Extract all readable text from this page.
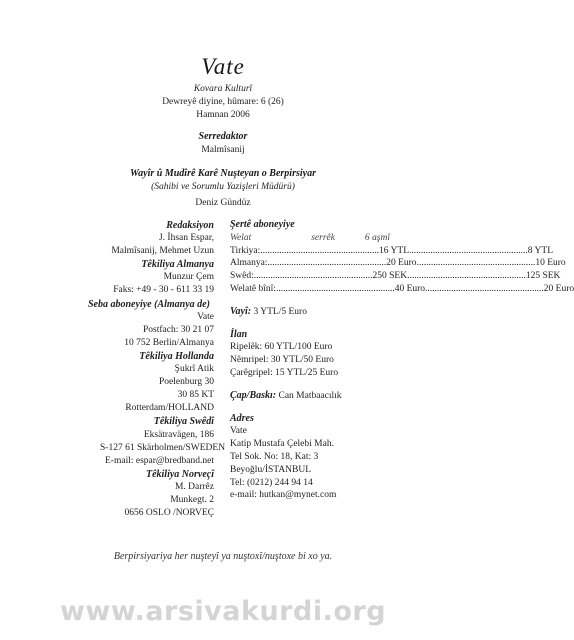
Vate
Kovara Kulturî
Dewreyê diyine, hûmare: 6 (26)
Hamnan 2006
Serredaktor
Malmîsanij
Wayîr û Mudîrê Karê Nuşteyan o Berpirsiyar
(Sahibi ve Sorumlu Yazişleri Müdürü)
Deniz Gündüz
Redaksiyon
J. İhsan Espar,
Malmîsanij, Mehmet Uzun
Têkiliya Almanya
Munzur Çem
Faks: +49 - 30 - 611 33 19
Seba aboneyiye (Almanya de)
Vate
Postfach: 30 21 07
10 752 Berlin/Almanya
Têkiliya Hollanda
Şukrî Atik
Poelenburg 30
30 85 KT
Rotterdam/HOLLAND
Têkiliya Swêdî
Eksätravägen, 186
S-127 61 Skärholmen/SWEDEN
E-mail: espar@bredband.net
Têkiliya Norveçî
M. Darrêz
Munkegt. 2
0656 OSLO /NORVEÇ
Şertê aboneyiye
Welat	serrêk	6 aşmî
Tirkiya: .................................................. 16 YTL .................................................. 8 YTL
Almanya: .................................................. 20 Euro .................................................. 10 Euro
Swêd: .................................................. 250 SEK .................................................. 125 SEK
Welatê bînî: .................................................. 40 Euro .................................................. 20 Euro
Vayî: 3 YTL/5 Euro
İlan
Ripelêk: 60 YTL/100 Euro
Nêmripel: 30 YTL/50 Euro
Çarêgripel: 15 YTL/25 Euro
Çap/Baskı: Can Matbaacılık
Adres
Vate
Katip Mustafa Çelebi Mah.
Tel Sok. No: 18, Kat: 3
Beyoğlu/İSTANBUL
Tel: (0212) 244 94 14
e-mail: hutkan@mynet.com
Berpirsiyariya her nuşteyî ya nuştoxî/nuştoxe bi xo ya.
www.arsivakurdi.org
